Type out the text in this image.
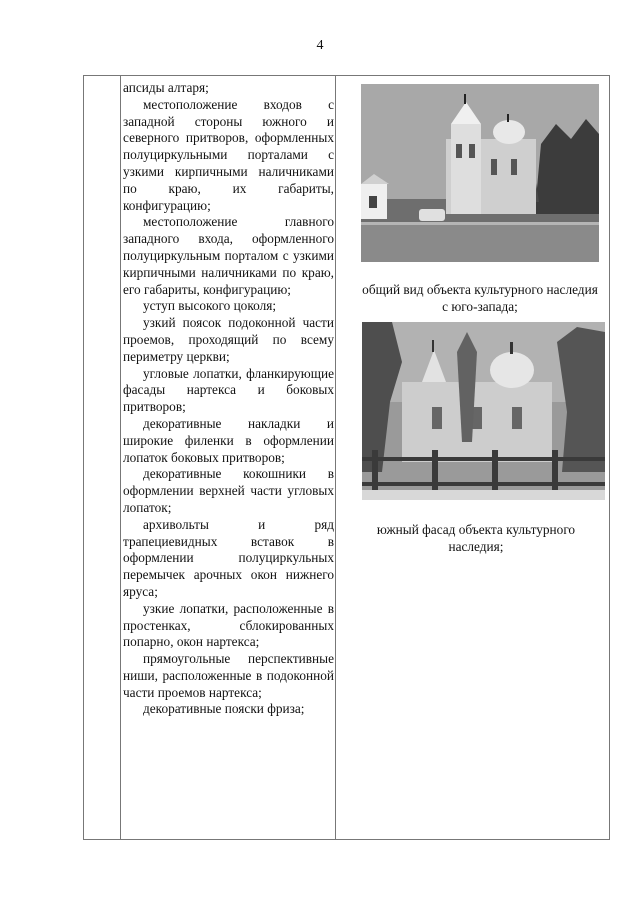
4

апсиды алтаря;

местоположение входов с западной стороны южного и северного притворов, оформленных полуциркульными порталами с узкими кирпичными наличниками по краю, их габариты, конфигурацию;

местоположение главного западного входа, оформленного полуциркульным порталом с узкими кирпичными наличниками по краю, его габариты, конфигурацию;

уступ высокого цоколя;

узкий поясок подоконной части проемов, проходящий по всему периметру церкви;

угловые лопатки, фланкирующие фасады нартекса и боковых притворов;

декоративные накладки и широкие филенки в оформлении лопаток боковых притворов;

декоративные кокошники в оформлении верхней части угловых лопаток;

архивольты и ряд трапециевидных вставок в оформлении полуциркульных перемычек арочных окон нижнего яруса;

узкие лопатки, расположенные в простенках, сблокированных попарно, окон нартекса;

прямоугольные перспективные ниши, расположенные в подоконной части проемов нартекса;

декоративные пояски фриза;

общий вид объекта культурного наследия с юго-запада;
южный фасад объекта культурного наследия;
